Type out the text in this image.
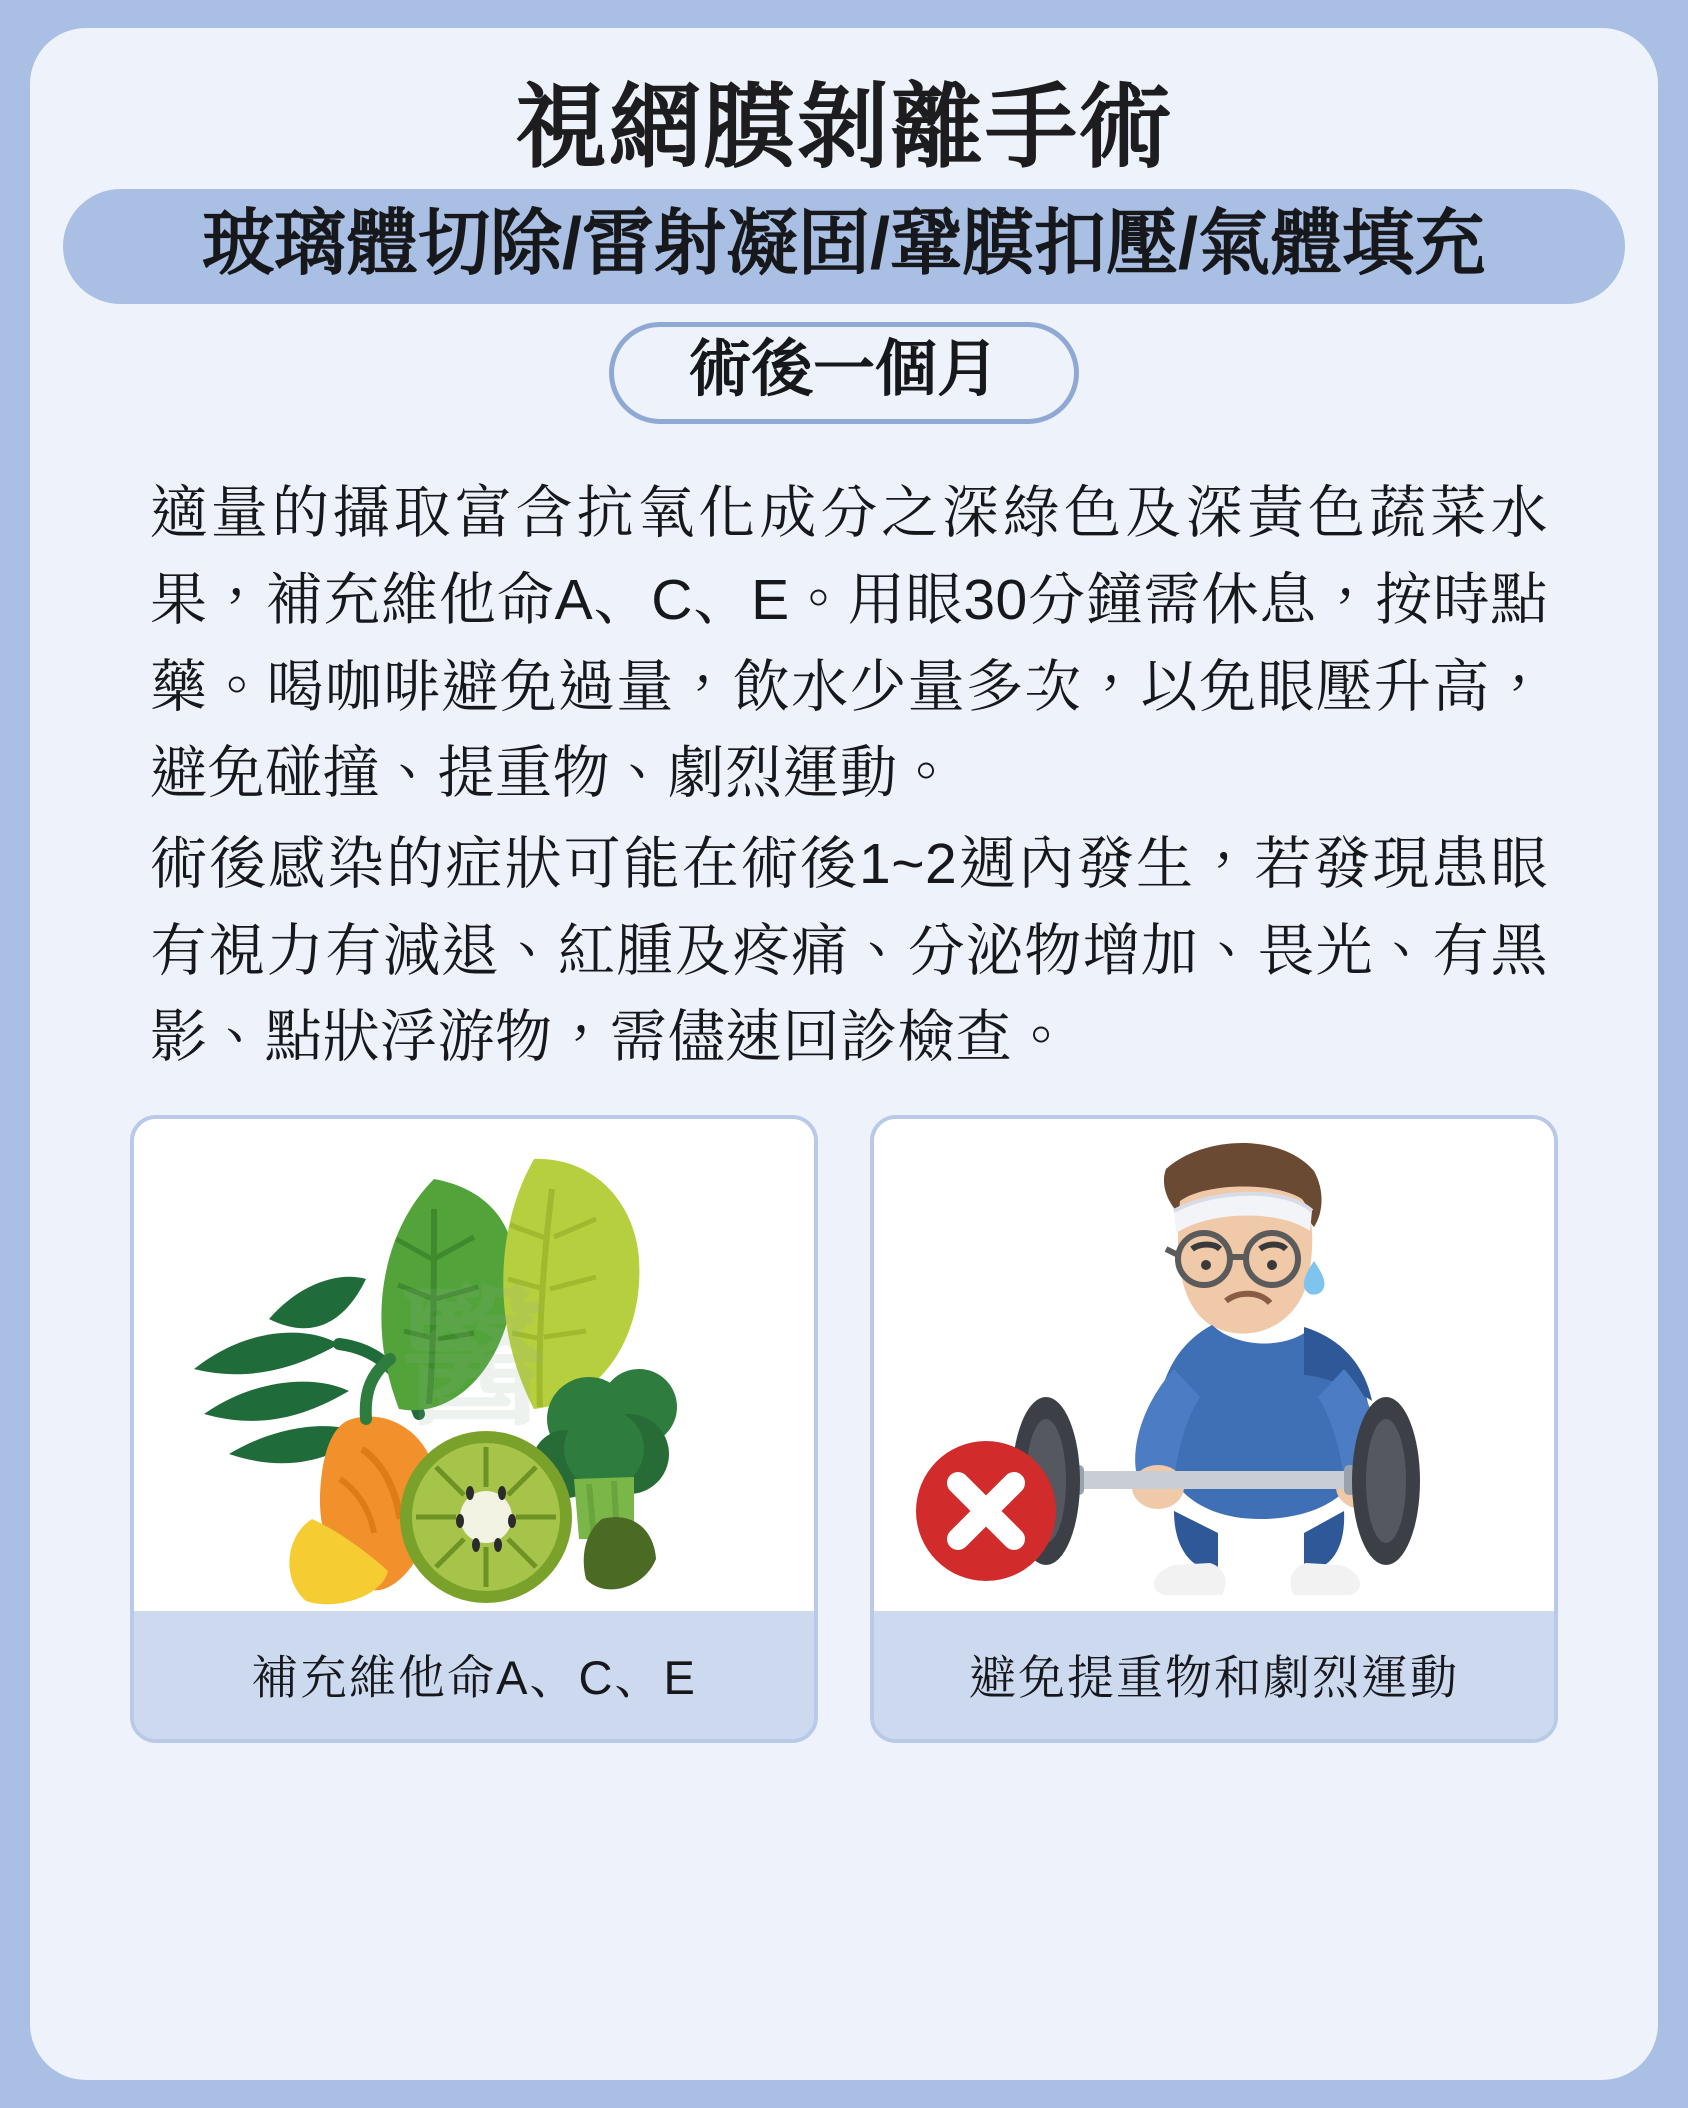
視網膜剝離手術
玻璃體切除/雷射凝固/鞏膜扣壓/氣體填充
術後一個月

適量的攝取富含抗氧化成分之深綠色及深黃色蔬菜水果，補充維他命A、C、E。用眼30分鐘需休息，按時點藥。喝咖啡避免過量，飲水少量多次，以免眼壓升高，避免碰撞、提重物、劇烈運動。

術後感染的症狀可能在術後1~2週內發生，若發現患眼有視力有減退、紅腫及疼痛、分泌物增加、畏光、有黑影、點狀浮游物，需儘速回診檢查。

補充維他命A、C、E	避免提重物和劇烈運動
